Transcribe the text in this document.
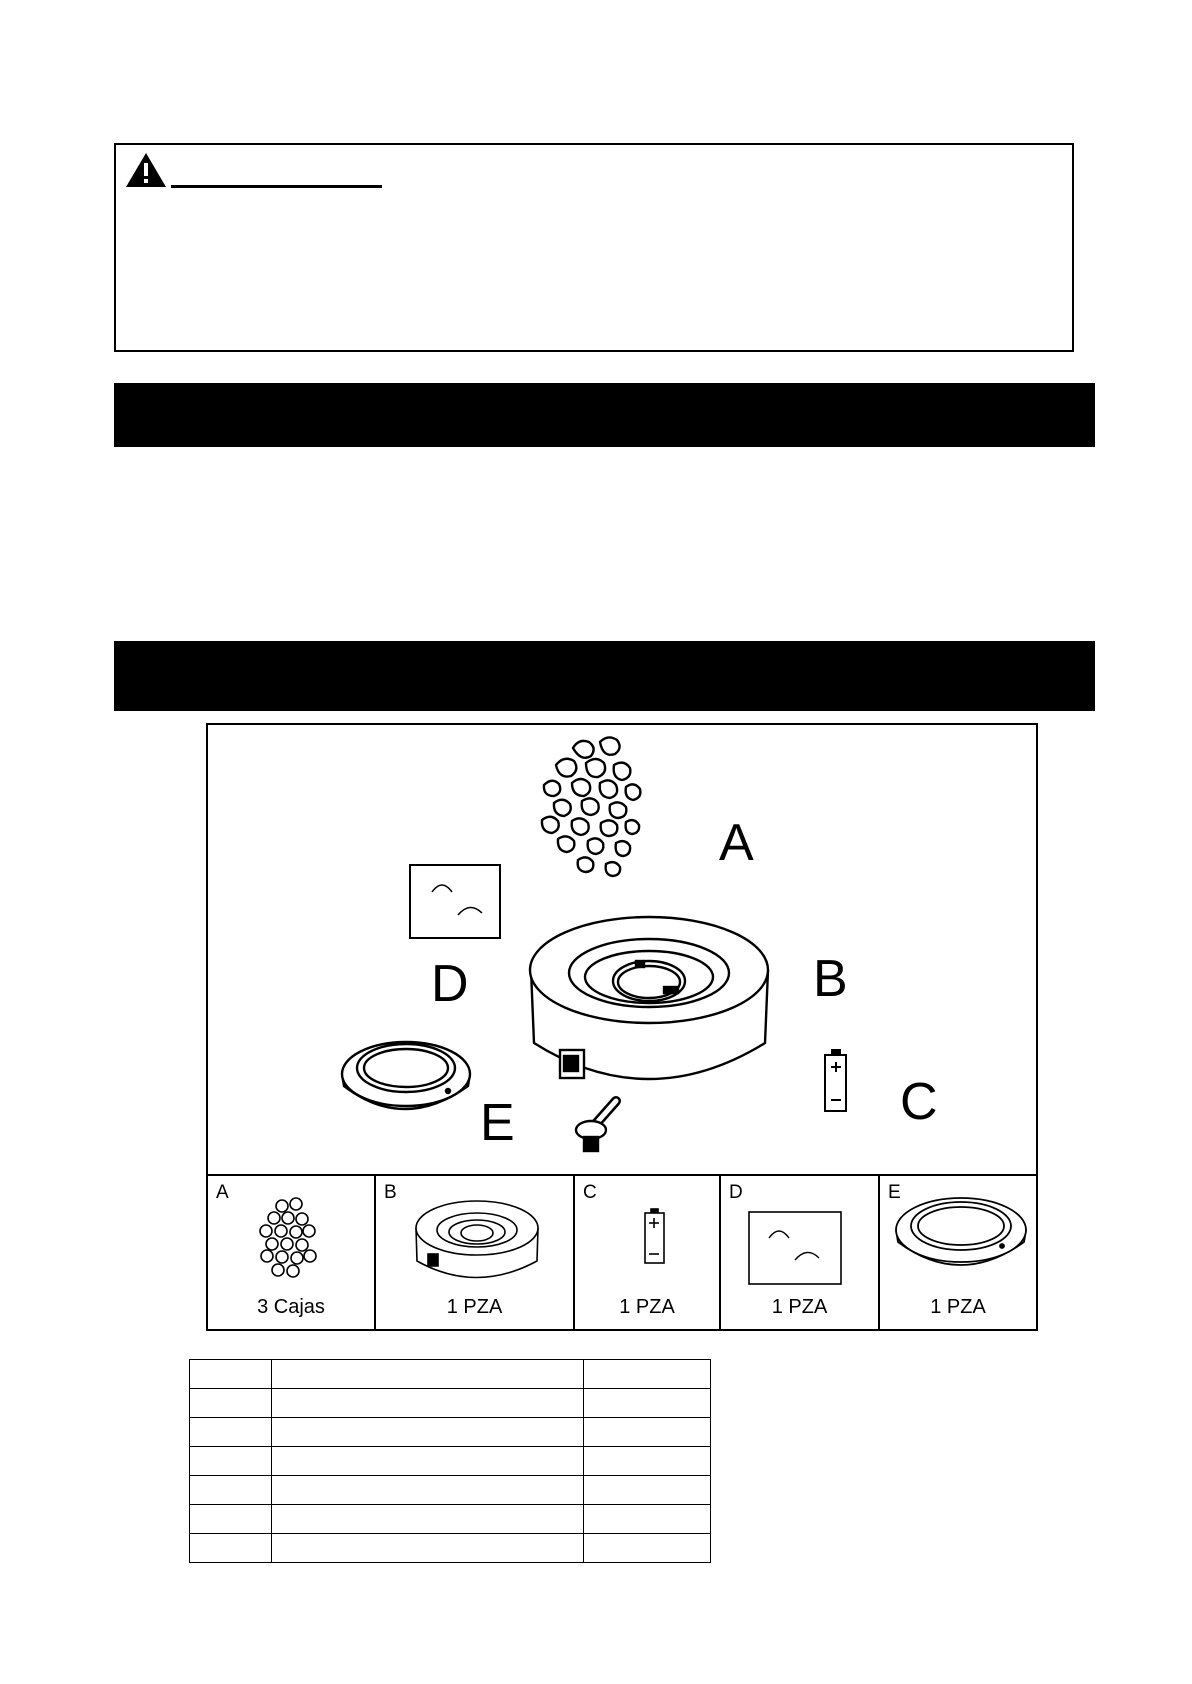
A
B
C
D
E
A
3 Cajas
B
1 PZA
C
1 PZA
D
1 PZA
E
1 PZA
